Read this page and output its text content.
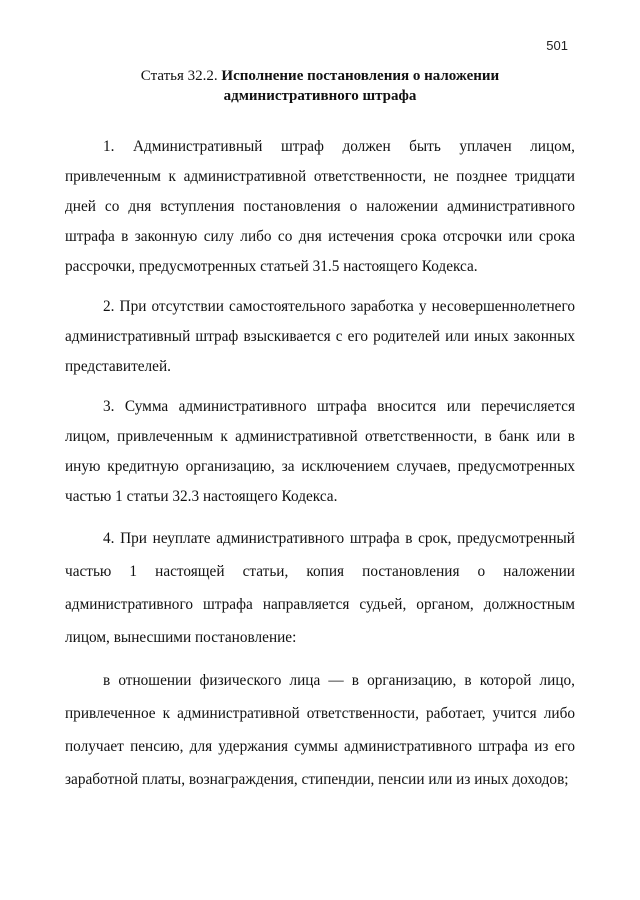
501
Статья 32.2. Исполнение постановления о наложении
административного штрафа

1. Административный штраф должен быть уплачен лицом, привлеченным к административной ответственности, не позднее тридцати дней со дня вступления постановления о наложении административного штрафа в законную силу либо со дня истечения срока отсрочки или срока рассрочки, предусмотренных статьей 31.5 настоящего Кодекса.

2. При отсутствии самостоятельного заработка у несовершеннолетнего административный штраф взыскивается с его родителей или иных законных представителей.

3. Сумма административного штрафа вносится или перечисляется лицом, привлеченным к административной ответственности, в банк или в иную кредитную организацию, за исключением случаев, предусмотренных частью 1 статьи 32.3 настоящего Кодекса.

4. При неуплате административного штрафа в срок, предусмотренный частью 1 настоящей статьи, копия постановления о наложении административного штрафа направляется судьей, органом, должностным лицом, вынесшими постановление:

в отношении физического лица — в организацию, в которой лицо, привлеченное к административной ответственности, работает, учится либо получает пенсию, для удержания суммы административного штрафа из его заработной платы, вознаграждения, стипендии, пенсии или из иных доходов;
